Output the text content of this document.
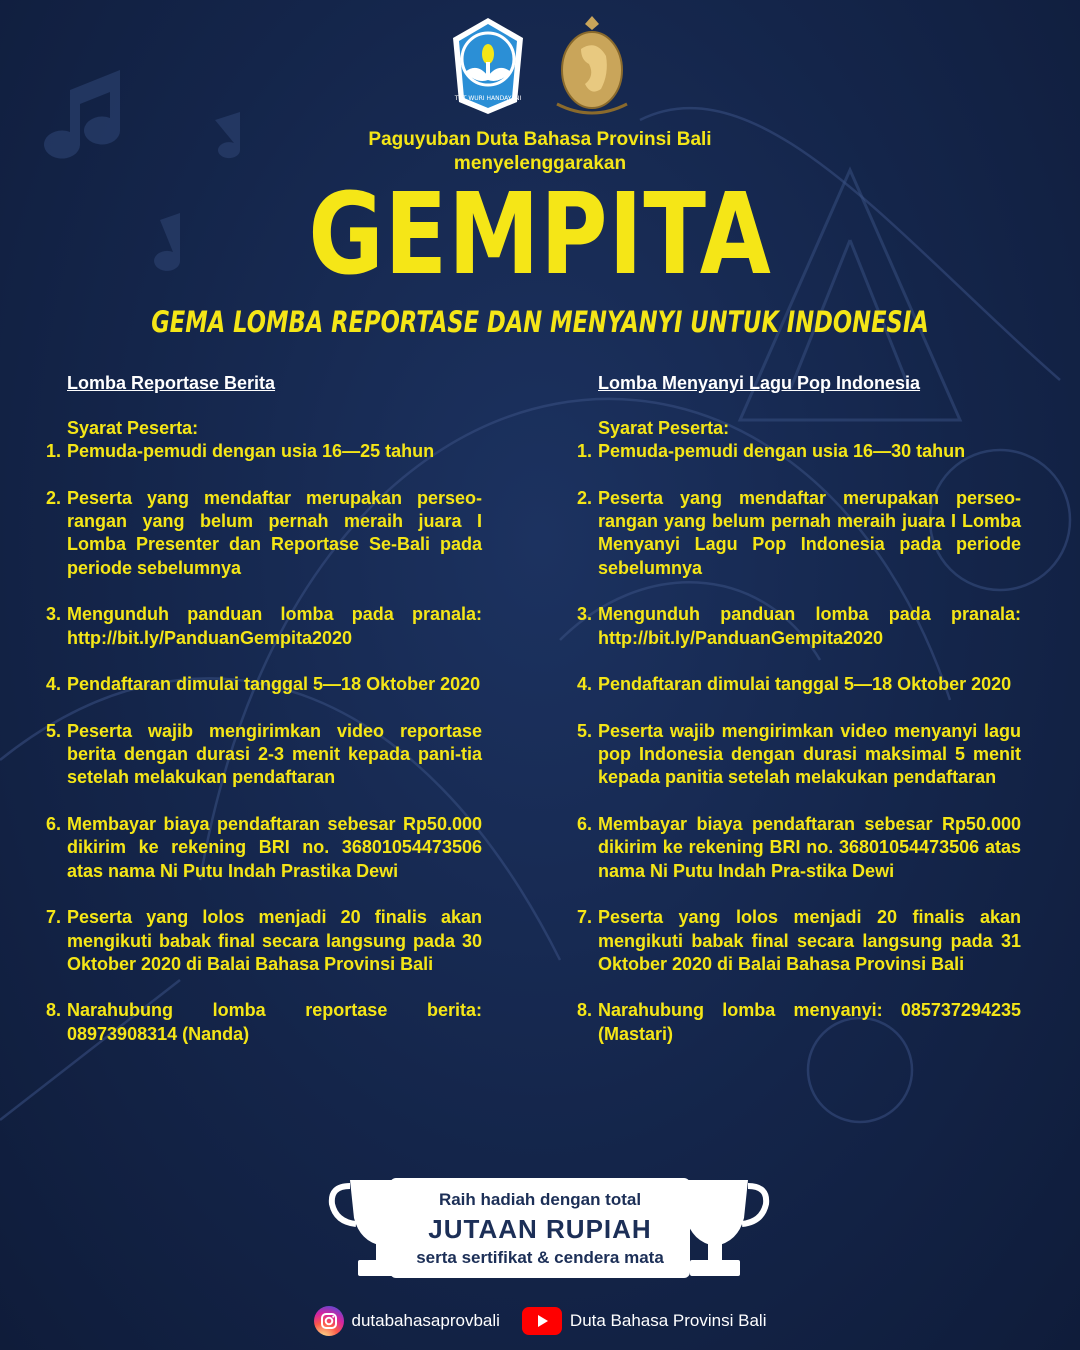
TUT WURI HANDAYANI
Paguyuban Duta Bahasa Provinsi Bali
menyelenggarakan
GEMPITA
GEMA LOMBA REPORTASE DAN MENYANYI UNTUK INDONESIA
Lomba Reportase Berita
Syarat Peserta:
1. Pemuda-pemudi dengan usia 16—25 tahun
2. Peserta yang mendaftar merupakan perseo-rangan yang belum pernah meraih juara I Lomba Presenter dan Reportase Se-Bali pada periode sebelumnya
3. Mengunduh panduan lomba pada pranala: http://bit.ly/PanduanGempita2020
4. Pendaftaran dimulai tanggal 5—18 Oktober 2020
5. Peserta wajib mengirimkan video reportase berita dengan durasi 2-3 menit kepada pani-tia setelah melakukan pendaftaran
6. Membayar biaya pendaftaran sebesar Rp50.000 dikirim ke rekening BRI no. 36801054473506 atas nama Ni Putu Indah Prastika Dewi
7. Peserta yang lolos menjadi 20 finalis akan mengikuti babak final secara langsung pada 30 Oktober 2020 di Balai Bahasa Provinsi Bali
8. Narahubung lomba reportase berita: 08973908314 (Nanda)
Lomba Menyanyi Lagu Pop Indonesia
Syarat Peserta:
1. Pemuda-pemudi dengan usia 16—30 tahun
2. Peserta yang mendaftar merupakan perseo-rangan yang belum pernah meraih juara I Lomba Menyanyi Lagu Pop Indonesia pada periode sebelumnya
3. Mengunduh panduan lomba pada pranala: http://bit.ly/PanduanGempita2020
4. Pendaftaran dimulai tanggal 5—18 Oktober 2020
5. Peserta wajib mengirimkan video menyanyi lagu pop Indonesia dengan durasi maksimal 5 menit kepada panitia setelah melakukan pendaftaran
6. Membayar biaya pendaftaran sebesar Rp50.000 dikirim ke rekening BRI no. 36801054473506 atas nama Ni Putu Indah Pra-stika Dewi
7. Peserta yang lolos menjadi 20 finalis akan mengikuti babak final secara langsung pada 31 Oktober 2020 di Balai Bahasa Provinsi Bali
8. Narahubung lomba menyanyi: 085737294235 (Mastari)
Raih hadiah dengan total
JUTAAN RUPIAH
serta sertifikat & cendera mata
dutabahasaprovbali	Duta Bahasa Provinsi Bali
